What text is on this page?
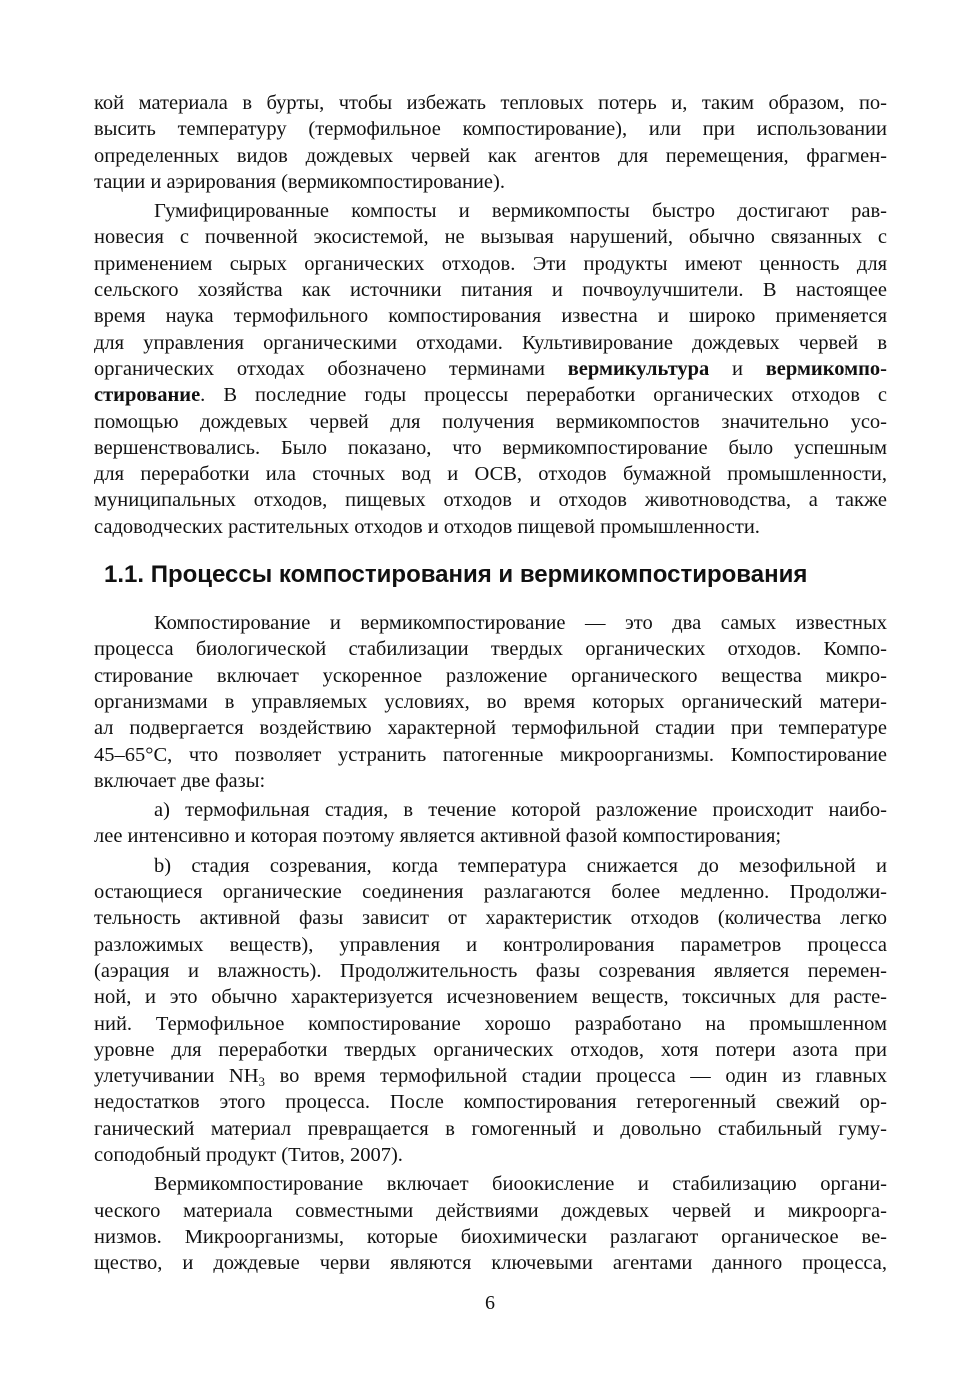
кой материала в бурты, чтобы избежать тепловых потерь и, таким образом, по-
высить температуру (термофильное компостирование), или при использовании
определенных видов дождевых червей как агентов для перемещения, фрагмен-
тации и аэрирования (вермикомпостирование).
Гумифицированные компосты и вермикомпосты быстро достигают рав-
новесия с почвенной экосистемой, не вызывая нарушений, обычно связанных с
применением сырых органических отходов. Эти продукты имеют ценность для
сельского хозяйства как источники питания и почвоулучшители. В настоящее
время наука термофильного компостирования известна и широко применяется
для управления органическими отходами. Культивирование дождевых червей в
органических отходах обозначено терминами вермикультура и вермикомпо-
стирование. В последние годы процессы переработки органических отходов с
помощью дождевых червей для получения вермикомпостов значительно усо-
вершенствовались. Было показано, что вермикомпостирование было успешным
для переработки ила сточных вод и ОСВ, отходов бумажной промышленности,
муниципальных отходов, пищевых отходов и отходов животноводства, а также
садоводческих растительных отходов и отходов пищевой промышленности.
1.1. Процессы компостирования и вермикомпостирования
Компостирование и вермикомпостирование — это два самых известных
процесса биологической стабилизации твердых органических отходов. Компо-
стирование включает ускоренное разложение органического вещества микро-
организмами в управляемых условиях, во время которых органический матери-
ал подвергается воздействию характерной термофильной стадии при температуре
45–65°C, что позволяет устранить патогенные микроорганизмы. Компостирование
включает две фазы:
а) термофильная стадия, в течение которой разложение происходит наибо-
лее интенсивно и которая поэтому является активной фазой компостирования;
b) стадия созревания, когда температура снижается до мезофильной и
остающиеся органические соединения разлагаются более медленно. Продолжи-
тельность активной фазы зависит от характеристик отходов (количества легко
разложимых веществ), управления и контролирования параметров процесса
(аэрация и влажность). Продолжительность фазы созревания является перемен-
ной, и это обычно характеризуется исчезновением веществ, токсичных для расте-
ний. Термофильное компостирование хорошо разработано на промышленном
уровне для переработки твердых органических отходов, хотя потери азота при
улетучивании $NH_3$ во время термофильной стадии процесса — один из главных
недостатков этого процесса. После компостирования гетерогенный свежий ор-
ганический материал превращается в гомогенный и довольно стабильный гуму-
соподобный продукт (Титов, 2007).
Вермикомпостирование включает биоокисление и стабилизацию органи-
ческого материала совместными действиями дождевых червей и микроорга-
низмов. Микроорганизмы, которые биохимически разлагают органическое ве-
щество, и дождевые черви являются ключевыми агентами данного процесса,
6
